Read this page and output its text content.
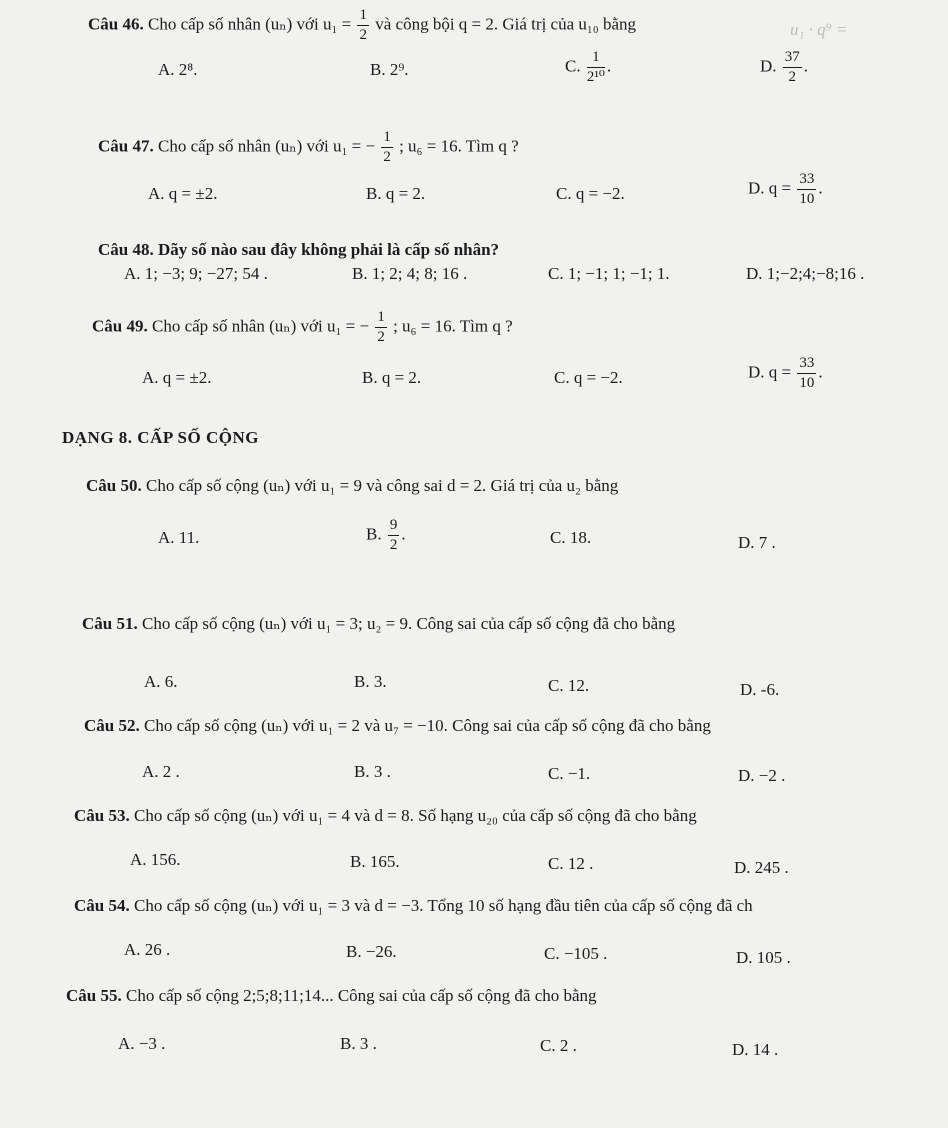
Câu 46. Cho cấp số nhân (uₙ) với $u_1 = \frac{1}{2}$ và công bội q = 2. Giá trị của u₁₀ bằng	u₁ · q⁹ =
A. 2⁸.	B. 2⁹.	C. $\frac{1}{\text{2¹⁰}}$ .	D. $\frac{37}{2}$ .
Câu 47. Cho cấp số nhân (uₙ) với u₁ = − $\frac{1}{2}$ ; u₆ = 16. Tìm q ?
A. q = ±2.	B. q = 2.	C. q = −2.	D. $q = \frac{33}{10}$ .
Câu 48. Dãy số nào sau đây không phải là cấp số nhân?
A. 1; −3; 9; −27; 54 .	B. 1; 2; 4; 8; 16 .	C. 1; −1; 1; −1; 1.	D. 1;−2;4;−8;16 .
Câu 49. Cho cấp số nhân (uₙ) với u₁ = − $\frac{1}{2}$ ; u₆ = 16. Tìm q ?
A. q = ±2.	B. q = 2.	C. q = −2.	D. $q = \frac{33}{10}$ .
DẠNG 8. CẤP SỐ CỘNG
Câu 50. Cho cấp số cộng (uₙ) với u₁ = 9 và công sai d = 2. Giá trị của u₂ bằng
A. 11.	B. $\frac{9}{2}$ .	C. 18.	D. 7 .
Câu 51. Cho cấp số cộng (uₙ) với u₁ = 3; u₂ = 9. Công sai của cấp số cộng đã cho bằng
A. 6.	B. 3.	C. 12.	D. -6.
Câu 52. Cho cấp số cộng (uₙ) với u₁ = 2 và u₇ = −10. Công sai của cấp số cộng đã cho bằng
A. 2 .	B. 3 .	C. −1.	D. −2 .
Câu 53. Cho cấp số cộng (uₙ) với u₁ = 4 và d = 8. Số hạng u₂₀ của cấp số cộng đã cho bằng
A. 156.	B. 165.	C. 12 .	D. 245 .
Câu 54. Cho cấp số cộng (uₙ) với u₁ = 3 và d = −3. Tổng 10 số hạng đầu tiên của cấp số cộng đã ch
A. 26 .	B. −26.	C. −105 .	D. 105 .
Câu 55. Cho cấp số cộng 2;5;8;11;14... Công sai của cấp số cộng đã cho bằng
A. −3 .	B. 3 .	C. 2 .	D. 14 .
